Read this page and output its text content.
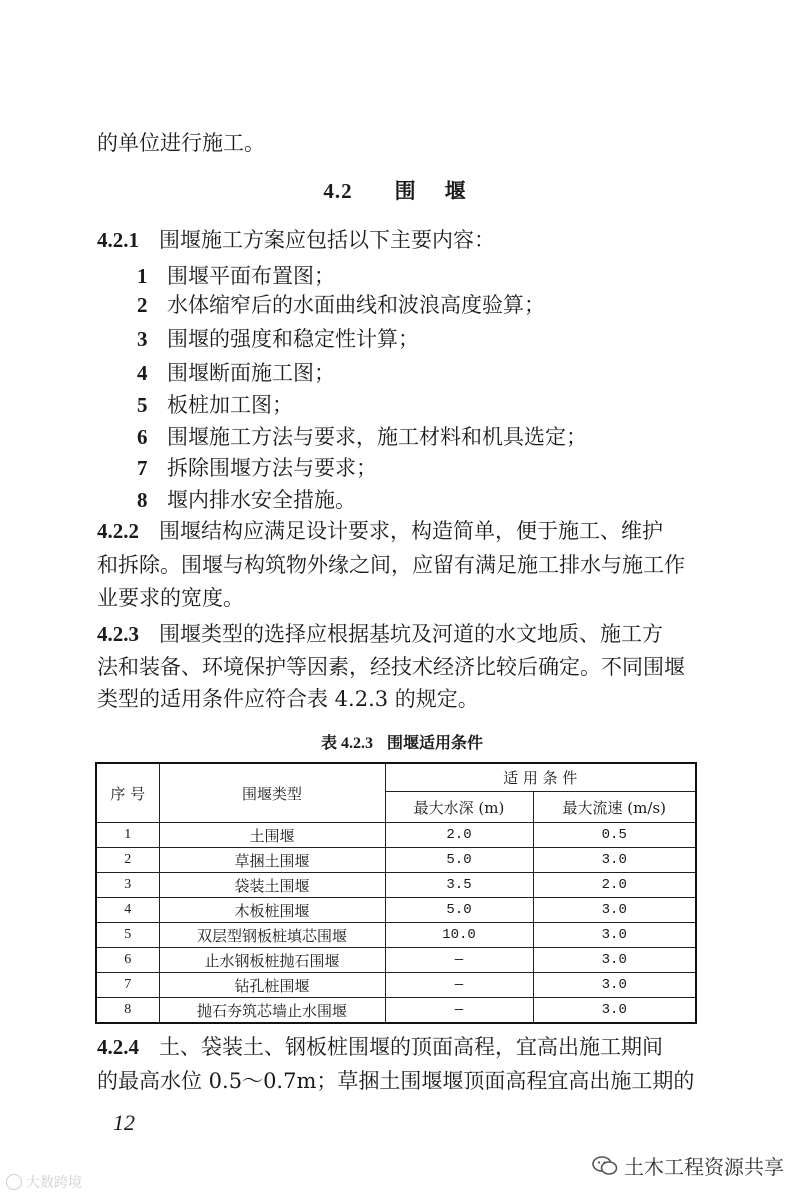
的单位进行施工。
4.2 围 堰
4.2.1 围堰施工方案应包括以下主要内容：
1 围堰平面布置图；
2 水体缩窄后的水面曲线和波浪高度验算；
3 围堰的强度和稳定性计算；
4 围堰断面施工图；
5 板桩加工图；
6 围堰施工方法与要求，施工材料和机具选定；
7 拆除围堰方法与要求；
8 堰内排水安全措施。
4.2.2 围堰结构应满足设计要求，构造简单，便于施工、维护
和拆除。围堰与构筑物外缘之间，应留有满足施工排水与施工作
业要求的宽度。
4.2.3 围堰类型的选择应根据基坑及河道的水文地质、施工方
法和装备、环境保护等因素，经技术经济比较后确定。不同围堰
类型的适用条件应符合表 4.2.3 的规定。
表 4.2.3 围堰适用条件
序 号	围堰类型	适 用 条 件	
		最大水深 (m)	最大流速 (m/s)
1	土围堰	2.0	0.5
2	草捆土围堰	5.0	3.0
3	袋装土围堰	3.5	2.0
4	木板桩围堰	5.0	3.0
5	双层型钢板桩填芯围堰	10.0	3.0
6	止水钢板桩抛石围堰	—	3.0
7	钻孔桩围堰	—	3.0
8	抛石夯筑芯墙止水围堰	—	3.0
4.2.4 土、袋装土、钢板桩围堰的顶面高程，宜高出施工期间
的最高水位 0.5～0.7m；草捆土围堰堰顶面高程宜高出施工期的
12
土木工程资源共享
大数跨境
